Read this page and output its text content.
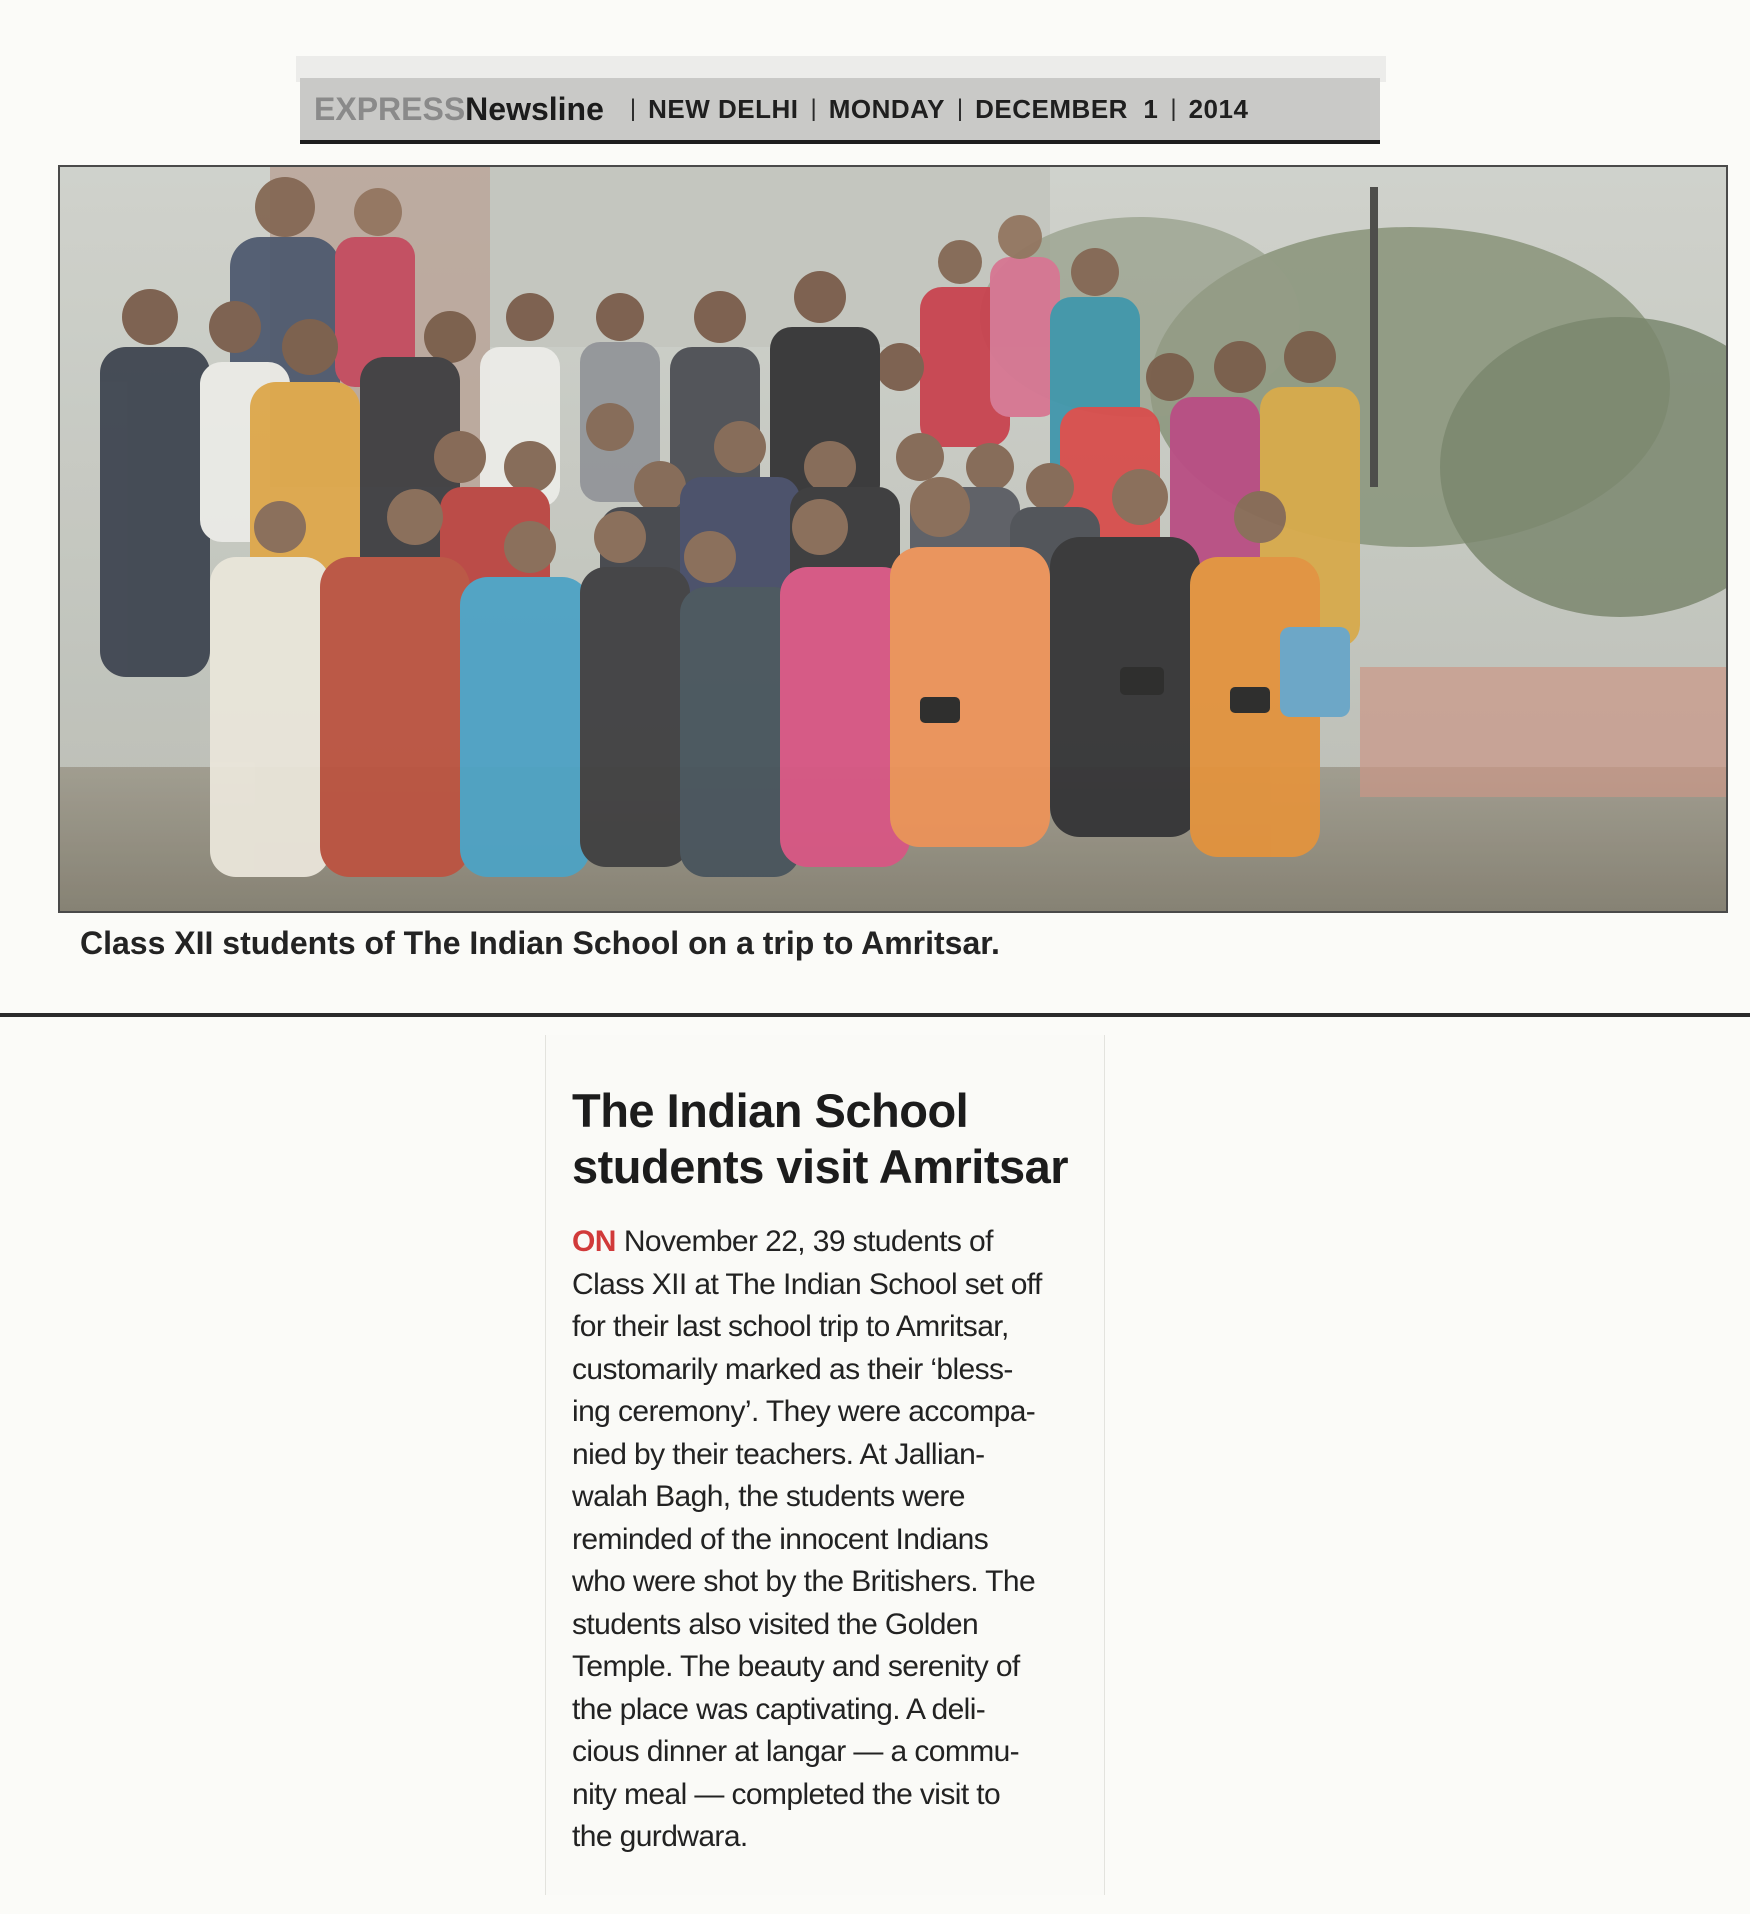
EXPRESS Newsline | NEW DELHI | MONDAY | DECEMBER  1 | 2014
Class XII students of The Indian School on a trip to Amritsar.
The Indian School
students visit Amritsar
ON November 22, 39 students of
Class XII at The Indian School set off
for their last school trip to Amritsar,
customarily marked as their ‘bless-
ing ceremony’. They were accompa-
nied by their teachers. At Jallian-
walah Bagh, the students were
reminded of the innocent Indians
who were shot by the Britishers. The
students also visited the Golden
Temple. The beauty and serenity of
the place was captivating. A deli-
cious dinner at langar — a commu-
nity meal — completed the visit to
the gurdwara.
